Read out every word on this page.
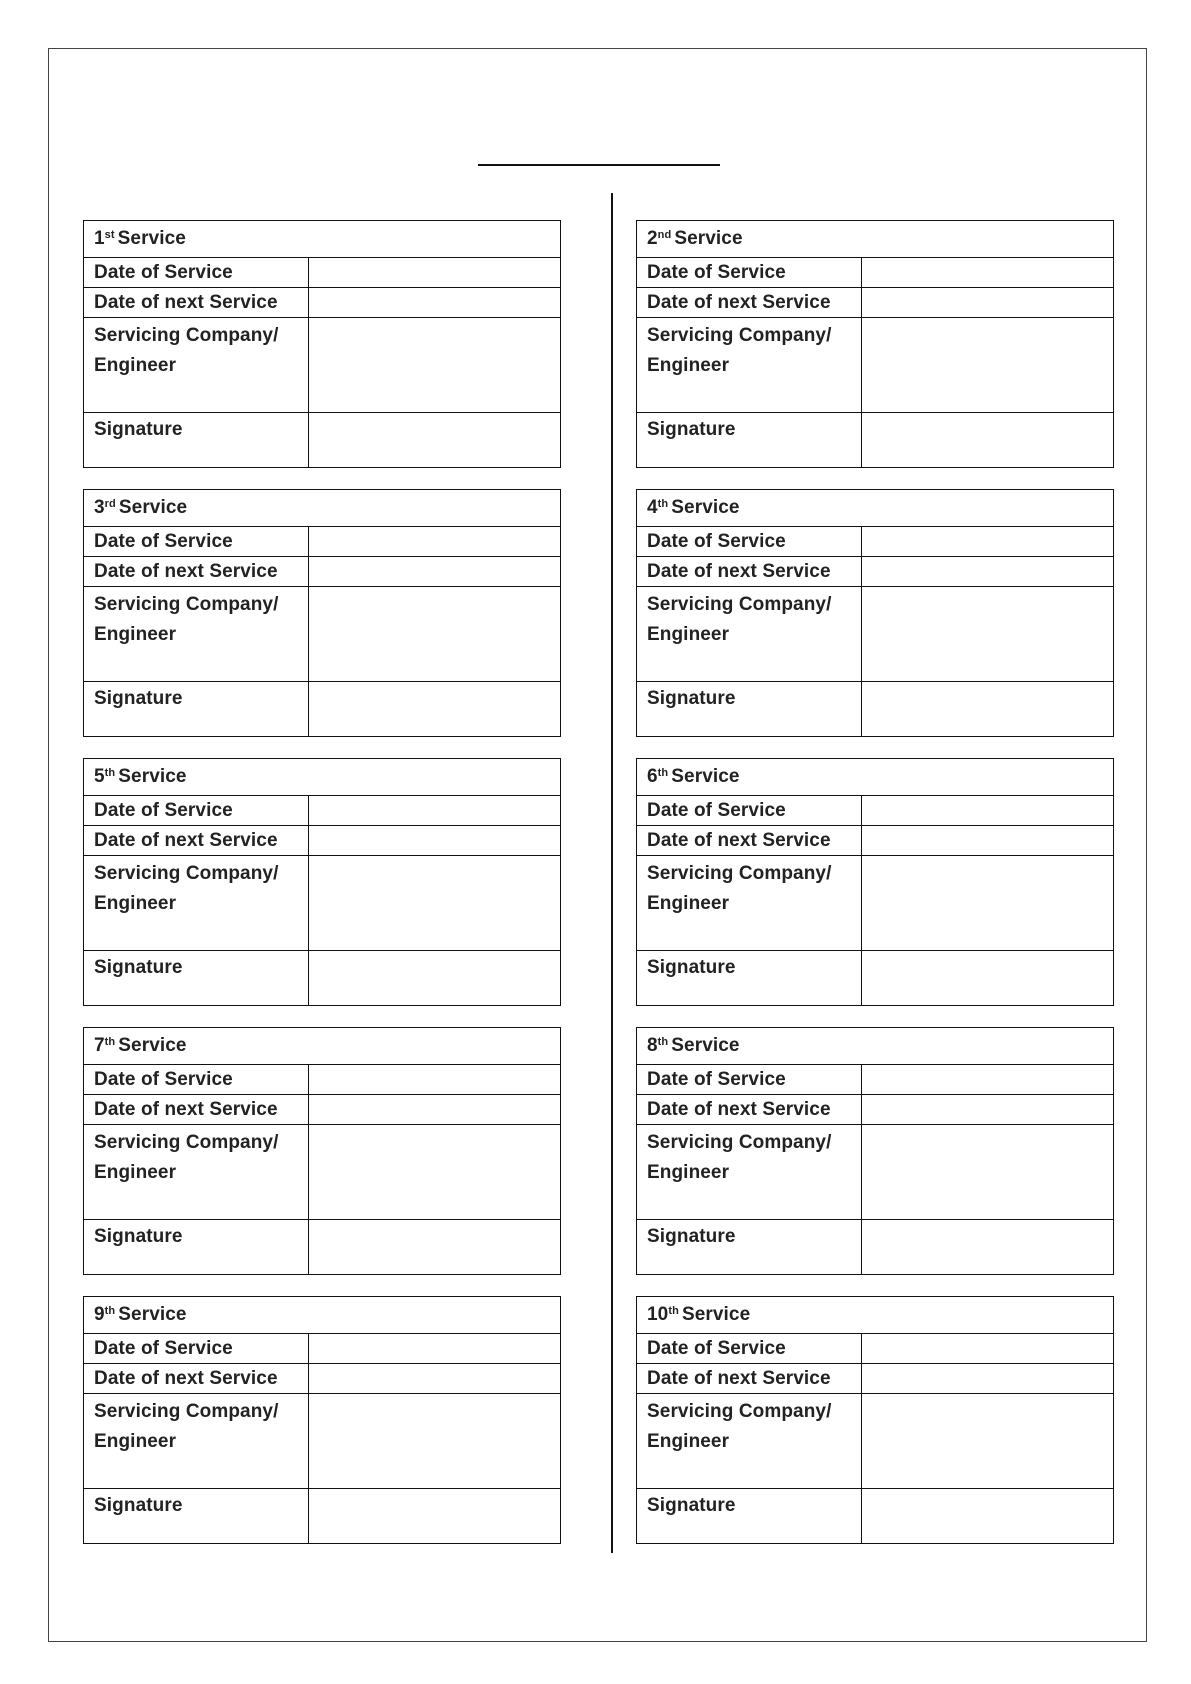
1st Service	
Date of Service	
Date of next Service	
Servicing Company/
Engineer	
Signature	
2nd Service	
Date of Service	
Date of next Service	
Servicing Company/
Engineer	
Signature	
3rd Service	
Date of Service	
Date of next Service	
Servicing Company/
Engineer	
Signature	
4th Service	
Date of Service	
Date of next Service	
Servicing Company/
Engineer	
Signature	
5th Service	
Date of Service	
Date of next Service	
Servicing Company/
Engineer	
Signature	
6th Service	
Date of Service	
Date of next Service	
Servicing Company/
Engineer	
Signature	
7th Service	
Date of Service	
Date of next Service	
Servicing Company/
Engineer	
Signature	
8th Service	
Date of Service	
Date of next Service	
Servicing Company/
Engineer	
Signature	
9th Service	
Date of Service	
Date of next Service	
Servicing Company/
Engineer	
Signature	
10th Service	
Date of Service	
Date of next Service	
Servicing Company/
Engineer	
Signature	
